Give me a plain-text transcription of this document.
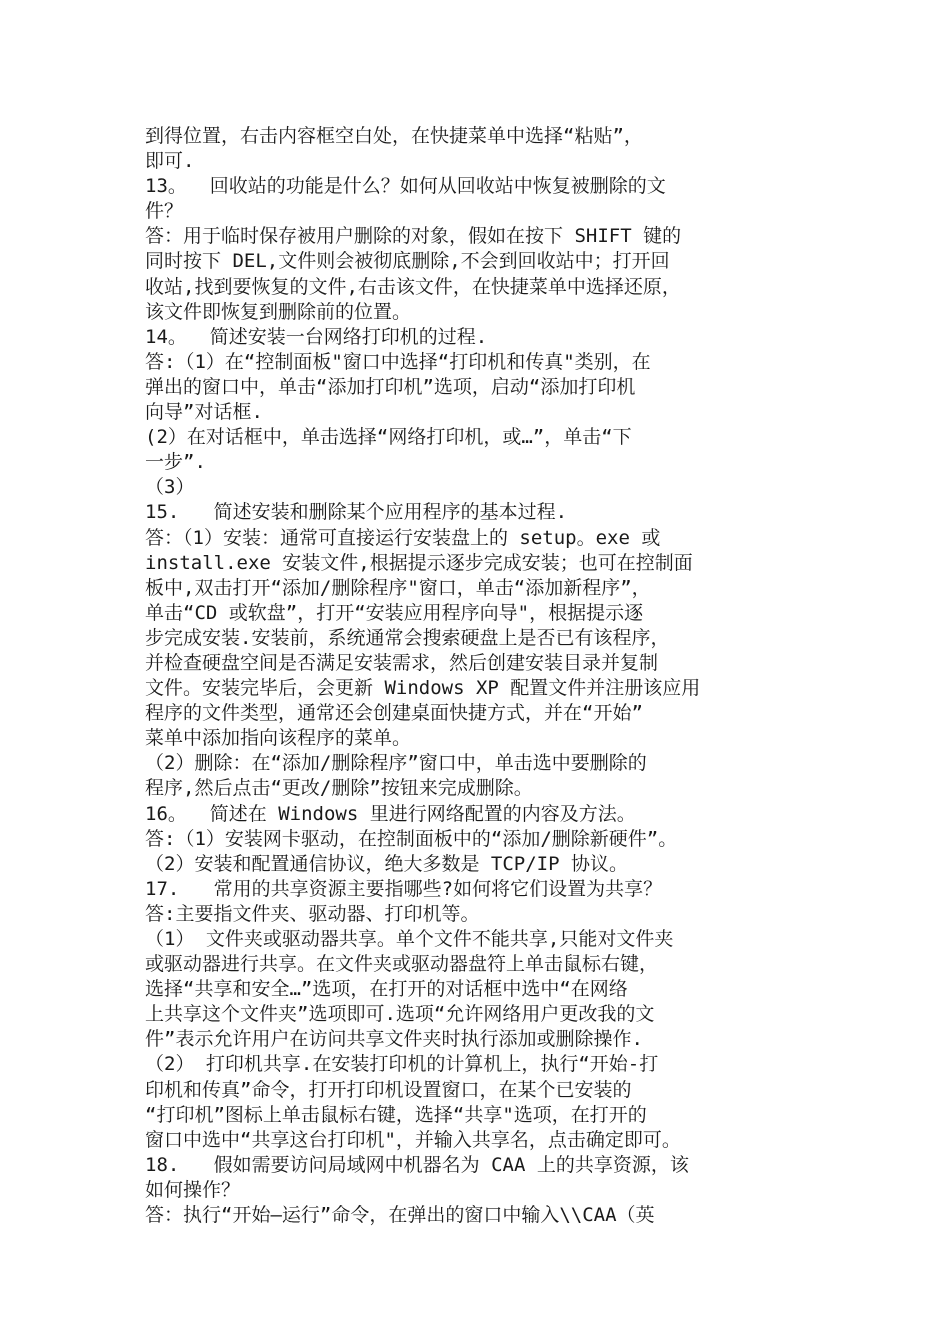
到得位置，右击内容框空白处，在快捷菜单中选择“粘贴”，
即可.
13。  回收站的功能是什么？如何从回收站中恢复被删除的文
件？
答：用于临时保存被用户删除的对象，假如在按下 SHIFT 键的
同时按下 DEL,文件则会被彻底删除,不会到回收站中；打开回
收站,找到要恢复的文件,右击该文件，在快捷菜单中选择还原，
该文件即恢复到删除前的位置。
14。  简述安装一台网络打印机的过程.
答:（1）在“控制面板"窗口中选择“打印机和传真"类别，在
弹出的窗口中，单击“添加打印机”选项，启动“添加打印机
向导”对话框.
(2）在对话框中，单击选择“网络打印机，或…”，单击“下
一步”.
（3）
15.   简述安装和删除某个应用程序的基本过程.
答：（1）安装：通常可直接运行安装盘上的 setup。exe 或
install.exe 安装文件,根据提示逐步完成安装；也可在控制面
板中,双击打开“添加/删除程序"窗口，单击“添加新程序”，
单击“CD 或软盘”，打开“安装应用程序向导"，根据提示逐
步完成安装.安装前，系统通常会搜索硬盘上是否已有该程序，
并检查硬盘空间是否满足安装需求，然后创建安装目录并复制
文件。安装完毕后，会更新 Windows XP 配置文件并注册该应用
程序的文件类型，通常还会创建桌面快捷方式，并在“开始”
菜单中添加指向该程序的菜单。
（2）删除：在“添加/删除程序”窗口中，单击选中要删除的
程序,然后点击“更改/删除”按钮来完成删除。
16。  简述在 Windows 里进行网络配置的内容及方法。
答:（1）安装网卡驱动，在控制面板中的“添加/删除新硬件”。
（2）安装和配置通信协议，绝大多数是 TCP/IP 协议。
17.   常用的共享资源主要指哪些?如何将它们设置为共享？
答:主要指文件夹、驱动器、打印机等。
（1） 文件夹或驱动器共享。单个文件不能共享,只能对文件夹
或驱动器进行共享。在文件夹或驱动器盘符上单击鼠标右键，
选择“共享和安全…”选项，在打开的对话框中选中“在网络
上共享这个文件夹”选项即可.选项“允许网络用户更改我的文
件”表示允许用户在访问共享文件夹时执行添加或删除操作.
（2） 打印机共享.在安装打印机的计算机上，执行“开始-打
印机和传真”命令，打开打印机设置窗口，在某个已安装的
“打印机”图标上单击鼠标右键，选择“共享"选项，在打开的
窗口中选中“共享这台打印机"，并输入共享名，点击确定即可。
18.   假如需要访问局域网中机器名为 CAA 上的共享资源，该
如何操作？
答：执行“开始—运行”命令，在弹出的窗口中输入\\CAA（英
